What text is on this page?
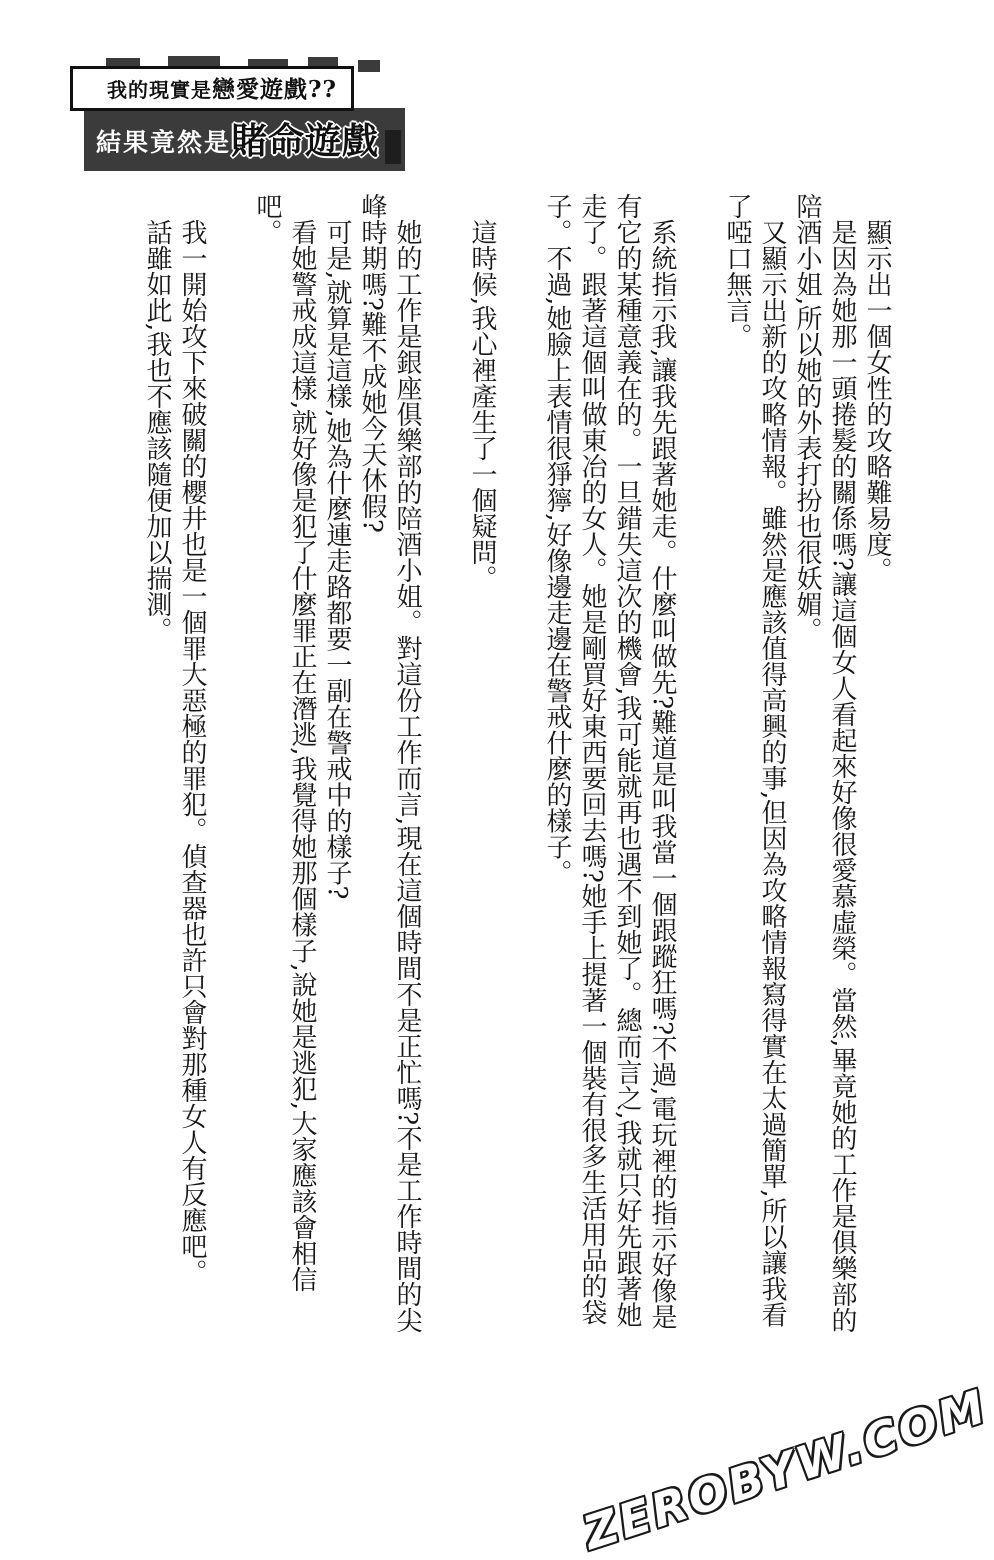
我的現實是戀愛遊戲??
結果竟然是賭命遊戲

顯示出一個女性的攻略難易度。

是因為她那一頭捲髮的關係嗎?讓這個女人看起來好像很愛慕虛榮。當然,畢竟她的工作是俱樂部的陪酒小姐,所以她的外表打扮也很妖媚。

又顯示出新的攻略情報。雖然是應該值得高興的事,但因為攻略情報寫得實在太過簡單,所以讓我看了啞口無言。

系統指示我,讓我先跟著她走。什麼叫做先?難道是叫我當一個跟蹤狂嗎?不過,電玩裡的指示好像是有它的某種意義在的。一旦錯失這次的機會,我可能就再也遇不到她了。總而言之,我就只好先跟著她走了。跟著這個叫做東冶的女人。她是剛買好東西要回去嗎?她手上提著一個裝有很多生活用品的袋子。不過,她臉上表情很猙獰,好像邊走邊在警戒什麼的樣子。

這時候,我心裡產生了一個疑問。

她的工作是銀座俱樂部的陪酒小姐。對這份工作而言,現在這個時間不是正忙嗎?不是工作時間的尖峰時期嗎?難不成她今天休假?

可是,就算是這樣,她為什麼連走路都要一副在警戒中的樣子?

看她警戒成這樣,就好像是犯了什麼罪正在潛逃,我覺得她那個樣子,說她是逃犯,大家應該會相信吧。

我一開始攻下來破關的櫻井也是一個罪大惡極的罪犯。偵查器也許只會對那種女人有反應吧。

話雖如此,我也不應該隨便加以揣測。

ZEROBYW.COM
